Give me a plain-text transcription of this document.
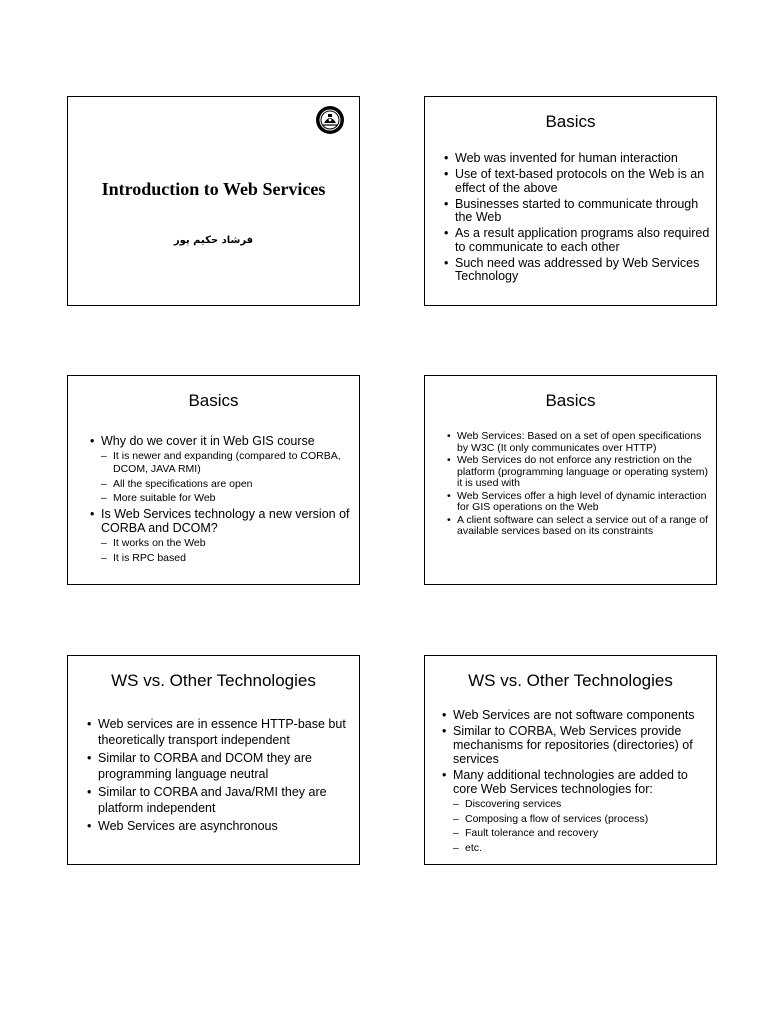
Introduction to Web Services
فرشاد حکیم پور
Basics
• Web was invented for human interaction
• Use of text-based protocols on the Web is an effect of the above
• Businesses started to communicate through the Web
• As a result application programs also required to communicate to each other
• Such need was addressed by Web Services Technology
Basics
• Why do we cover it in Web GIS course
– It is newer and expanding (compared to CORBA, DCOM, JAVA RMI)
– All the specifications are open
– More suitable for Web
• Is Web Services technology a new version of CORBA and DCOM?
– It works on the Web
– It is RPC based
Basics
• Web Services: Based on a set of open specifications by W3C (It only communicates over HTTP)
• Web Services do not enforce any restriction on the platform (programming language or operating system) it is used with
• Web Services offer a high level of dynamic interaction for GIS operations on the Web
• A client software can select a service out of a range of available services based on its constraints
WS vs. Other Technologies
• Web services are in essence HTTP-base but theoretically transport independent
• Similar to CORBA and DCOM they are programming language neutral
• Similar to CORBA and Java/RMI they are platform independent
• Web Services are asynchronous
WS vs. Other Technologies
• Web Services are not software components
• Similar to CORBA, Web Services provide mechanisms for repositories (directories) of services
• Many additional technologies are added to core Web Services technologies for:
– Discovering services
– Composing a flow of services (process)
– Fault tolerance and recovery
– etc.
